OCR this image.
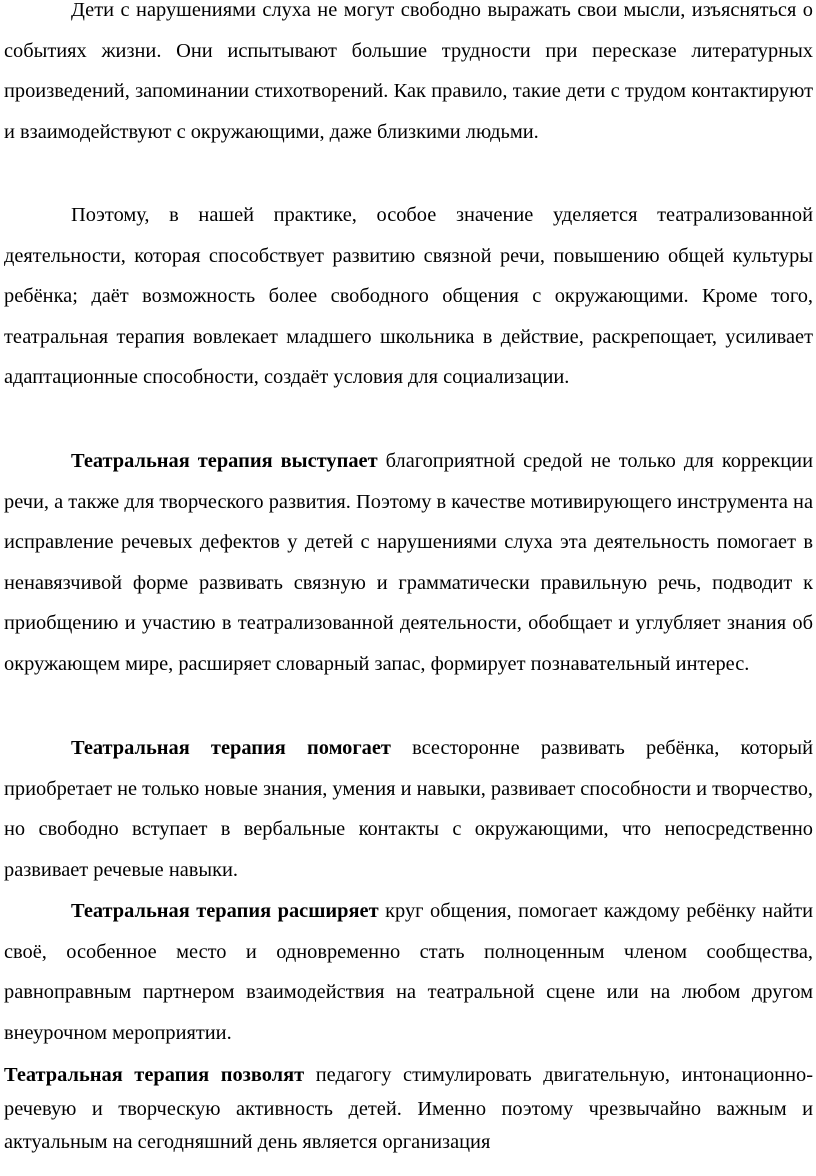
Дети с нарушениями слуха не могут свободно выражать свои мысли, изъясняться о событиях жизни. Они испытывают большие трудности при пересказе литературных произведений, запоминании стихотворений. Как правило, такие дети с трудом контактируют и взаимодействуют с окружающими, даже близкими людьми.

Поэтому, в нашей практике, особое значение уделяется театрализованной деятельности, которая способствует развитию связной речи, повышению общей культуры ребёнка; даёт возможность более свободного общения с окружающими. Кроме того, театральная терапия вовлекает младшего школьника в действие, раскрепощает, усиливает адаптационные способности, создаёт условия для социализации.

Театральная терапия выступает благоприятной средой не только для коррекции речи, а также для творческого развития. Поэтому в качестве мотивирующего инструмента на исправление речевых дефектов у детей с нарушениями слуха эта деятельность помогает в ненавязчивой форме развивать связную и грамматически правильную речь, подводит к приобщению и участию в театрализованной деятельности, обобщает и углубляет знания об окружающем мире, расширяет словарный запас, формирует познавательный интерес.

Театральная терапия помогает всесторонне развивать ребёнка, который приобретает не только новые знания, умения и навыки, развивает способности и творчество, но свободно вступает в вербальные контакты с окружающими, что непосредственно развивает речевые навыки.

Театральная терапия расширяет круг общения, помогает каждому ребёнку найти своё, особенное место и одновременно стать полноценным членом сообщества, равноправным партнером взаимодействия на театральной сцене или на любом другом внеурочном мероприятии.

Театральная терапия позволят педагогу стимулировать двигательную, интонационно-речевую и творческую активность детей. Именно поэтому чрезвычайно важным и актуальным на сегодняшний день является организация
